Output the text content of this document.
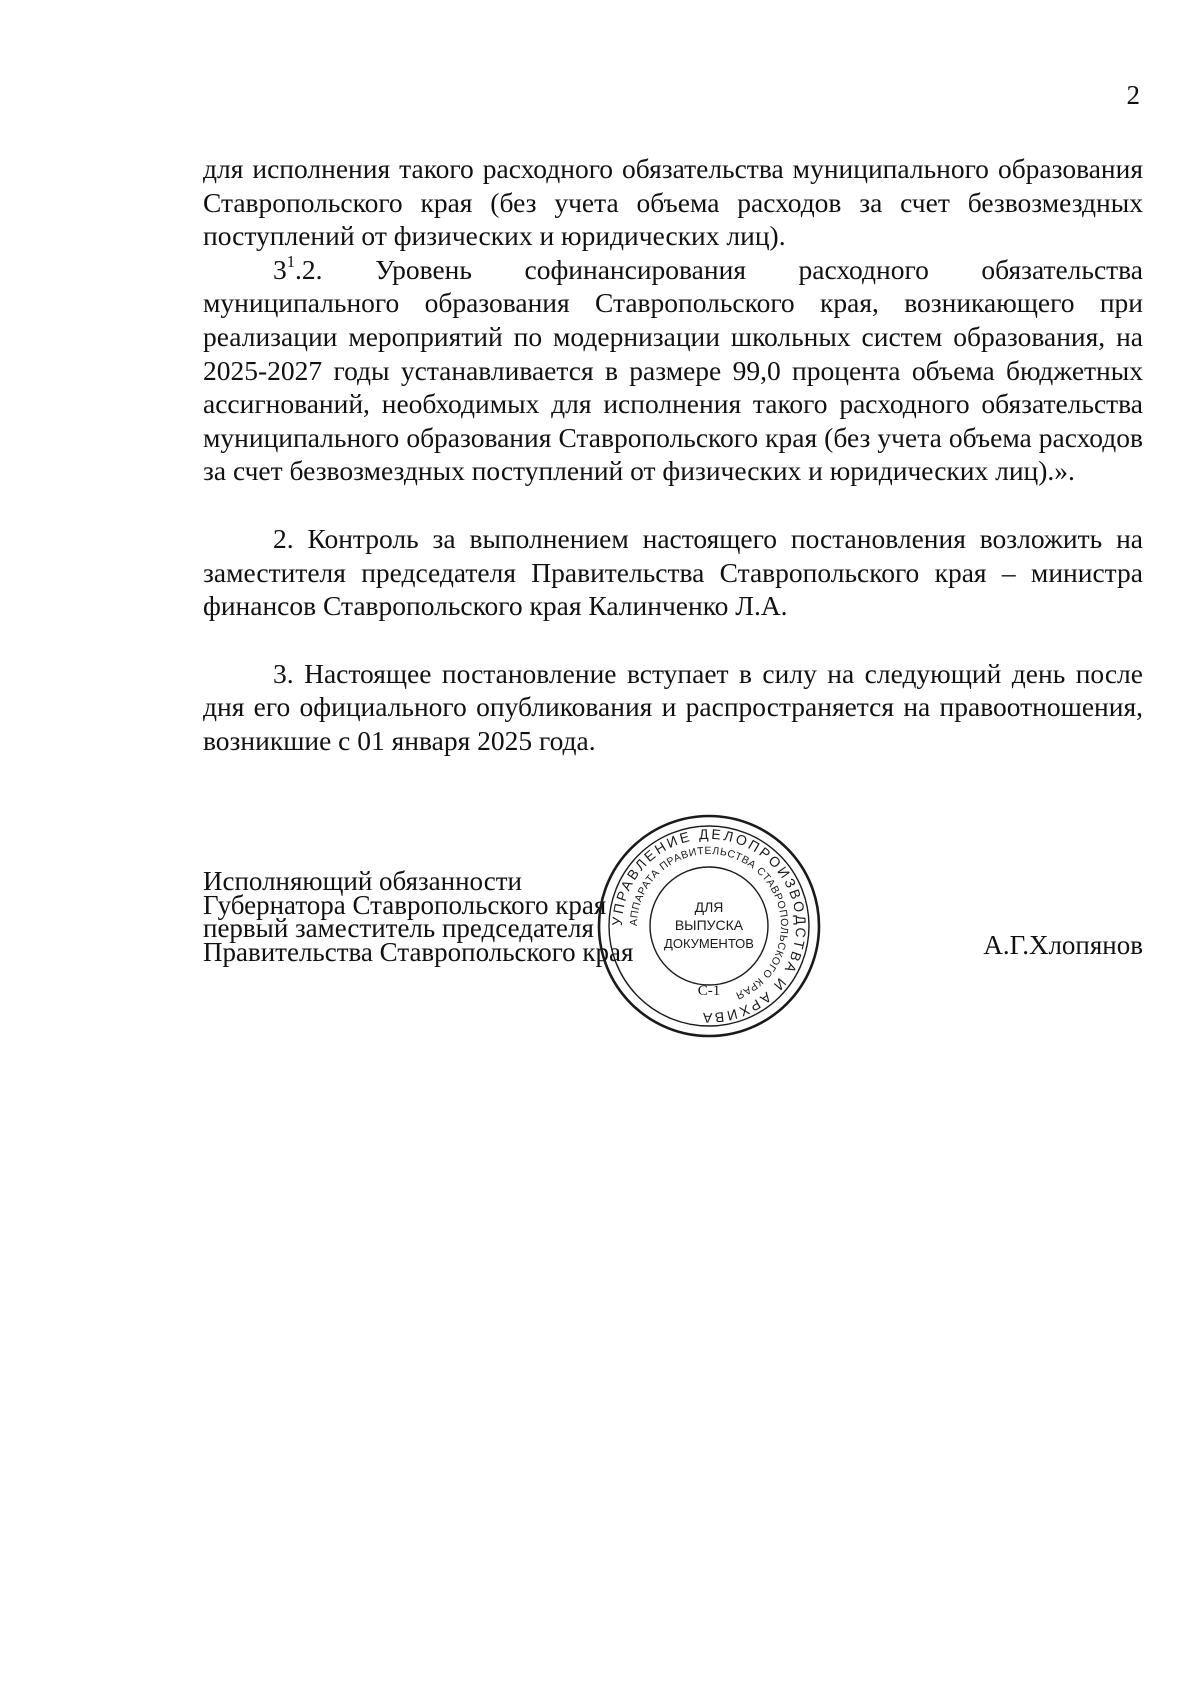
2

для исполнения такого расходного обязательства муниципального образования Ставропольского края (без учета объема расходов за счет безвозмездных поступлений от физических и юридических лиц).

$3^1.2$. Уровень софинансирования расходного обязательства муниципального образования Ставропольского края, возникающего при реализации мероприятий по модернизации школьных систем образования, на 2025-2027 годы устанавливается в размере 99,0 процента объема бюджетных ассигнований, необходимых для исполнения такого расходного обязательства муниципального образования Ставропольского края (без учета объема расходов за счет безвозмездных поступлений от физических и юридических лиц).».

2. Контроль за выполнением настоящего постановления возложить на заместителя председателя Правительства Ставропольского края – министра финансов Ставропольского края Калинченко Л.А.

3. Настоящее постановление вступает в силу на следующий день после дня его официального опубликования и распространяется на правоотношения, возникшие с 01 января 2025 года.

Исполняющий обязанности
Губернатора Ставропольского края
первый заместитель председателя
Правительства Ставропольского края	А.Г.Хлопянов
УПРАВЛЕНИЕ ДЕЛОПРОИЗВОДСТВА И АРХИВА
АППАРАТА ПРАВИТЕЛЬСТВА СТАВРОПОЛЬСКОГО КРАЯ
ДЛЯ
ВЫПУСКА
ДОКУМЕНТОВ
С-1
